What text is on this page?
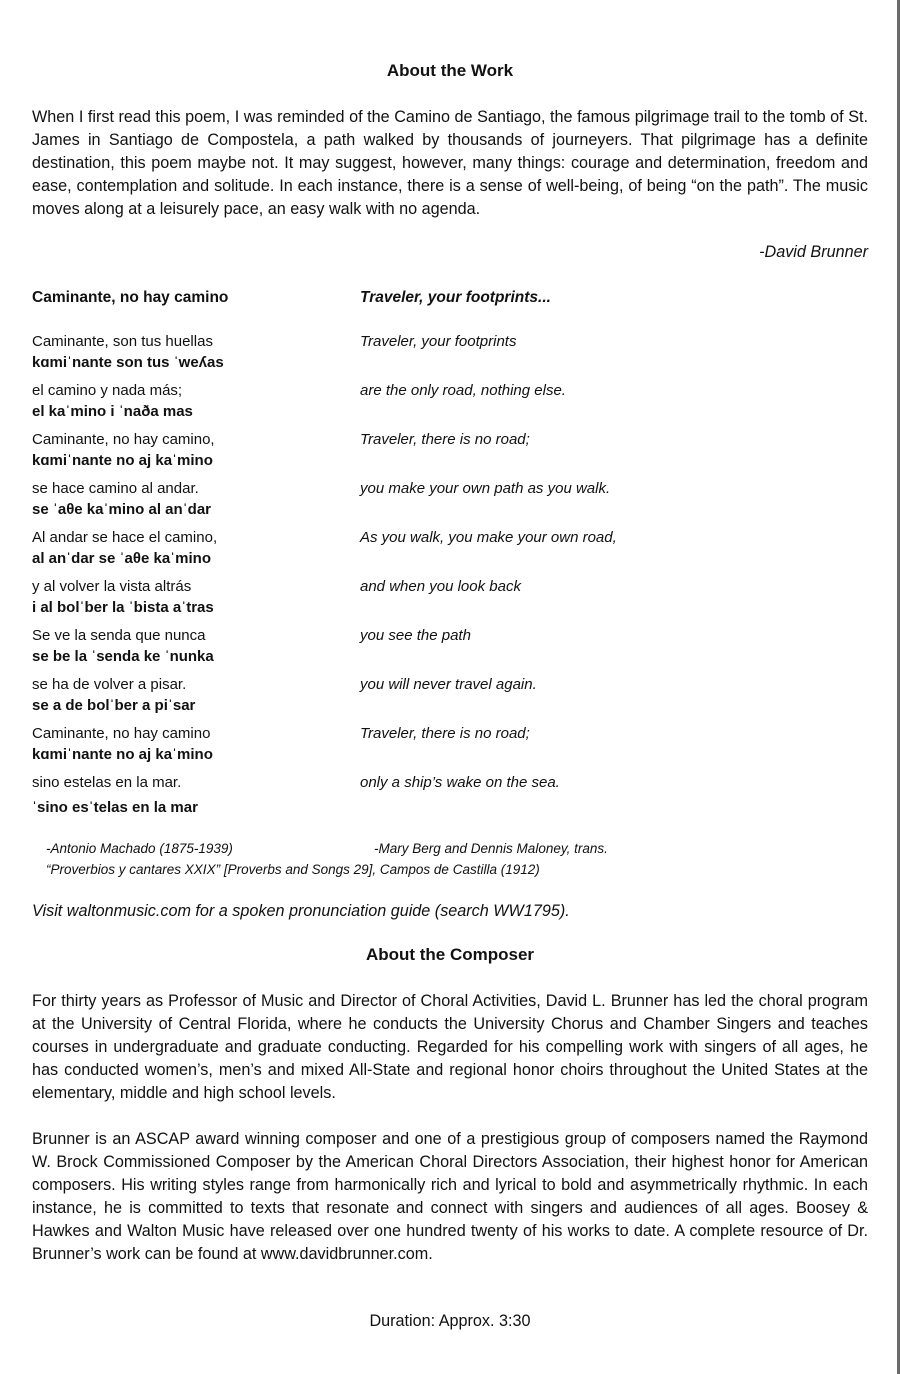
About the Work

When I first read this poem, I was reminded of the Camino de Santiago, the famous pilgrimage trail to the tomb of St. James in Santiago de Compostela, a path walked by thousands of journeyers. That pilgrimage has a definite destination, this poem maybe not. It may suggest, however, many things: courage and determination, freedom and ease, contemplation and solitude. In each instance, there is a sense of well-being, of being “on the path”. The music moves along at a leisurely pace, an easy walk with no agenda.

-David Brunner
Caminante, no hay camino	Traveler, your footprints...
Caminante, son tus huellas
kɑmiˈnante son tus ˈweʎas
Traveler, your footprints
el camino y nada más;
el kaˈmino i ˈnaða mas
are the only road, nothing else.
Caminante, no hay camino,
kɑmiˈnante no aj kaˈmino
Traveler, there is no road;
se hace camino al andar.
se ˈaθe kaˈmino al anˈdar
you make your own path as you walk.
Al andar se hace el camino,
al anˈdar se ˈaθe kaˈmino
As you walk, you make your own road,
y al volver la vista altrás
i al bolˈber la ˈbista aˈtras
and when you look back
Se ve la senda que nunca
se be la ˈsenda ke ˈnunka
you see the path
se ha de volver a pisar.
se a de bolˈber a piˈsar
you will never travel again.
Caminante, no hay camino
kɑmiˈnante no aj kaˈmino
Traveler, there is no road;
sino estelas en la mar.
ˈsino esˈtelas en la mar
only a ship’s wake on the sea.
-Antonio Machado (1875-1939)	-Mary Berg and Dennis Maloney, trans.
“Proverbios y cantares XXIX” [Proverbs and Songs 29], Campos de Castilla (1912)
Visit waltonmusic.com for a spoken pronunciation guide (search WW1795).
About the Composer

For thirty years as Professor of Music and Director of Choral Activities, David L. Brunner has led the choral program at the University of Central Florida, where he conducts the University Chorus and Chamber Singers and teaches courses in undergraduate and graduate conducting. Regarded for his compelling work with singers of all ages, he has conducted women’s, men’s and mixed All-State and regional honor choirs throughout the United States at the elementary, middle and high school levels.

Brunner is an ASCAP award winning composer and one of a prestigious group of composers named the Raymond W. Brock Commissioned Composer by the American Choral Directors Association, their highest honor for American composers. His writing styles range from harmonically rich and lyrical to bold and asymmetrically rhythmic. In each instance, he is committed to texts that resonate and connect with singers and audiences of all ages. Boosey & Hawkes and Walton Music have released over one hundred twenty of his works to date. A complete resource of Dr. Brunner’s work can be found at www.davidbrunner.com.

Duration: Approx. 3:30
